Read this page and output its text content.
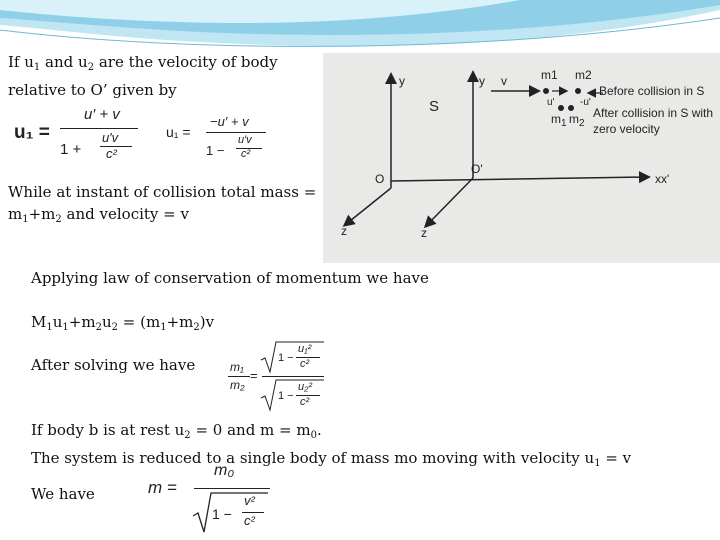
If $u_1$ and $u_2$ are the velocity of body
relative to O’ given by
u₁ =
u′ + v
1 +
u′v
c²
u₁ =
−u′ + v
1 −
u′v
c²
While at instant of collision total mass =
$m_1+m_2$ and velocity = v
y	y v
S
O
O'
xx'
z	z
m1 m2
u'	-u'
m 1 m 2
Before collision in S
After collision in S with
zero velocity
Applying law of conservation of momentum we have
$M_1u_1+m_2u_2 = (m_1+m_2)v$
After solving we have	m₁
m₂
=
1 −
u₁²
c²
1 −
u₂²
c²
If body b is at rest $u_2 = 0$ and $m = m_0$.
The system is reduced to a single body of mass mo moving with velocity $u_1 = v$
We have	m =
m₀
1 −
v²
c²
